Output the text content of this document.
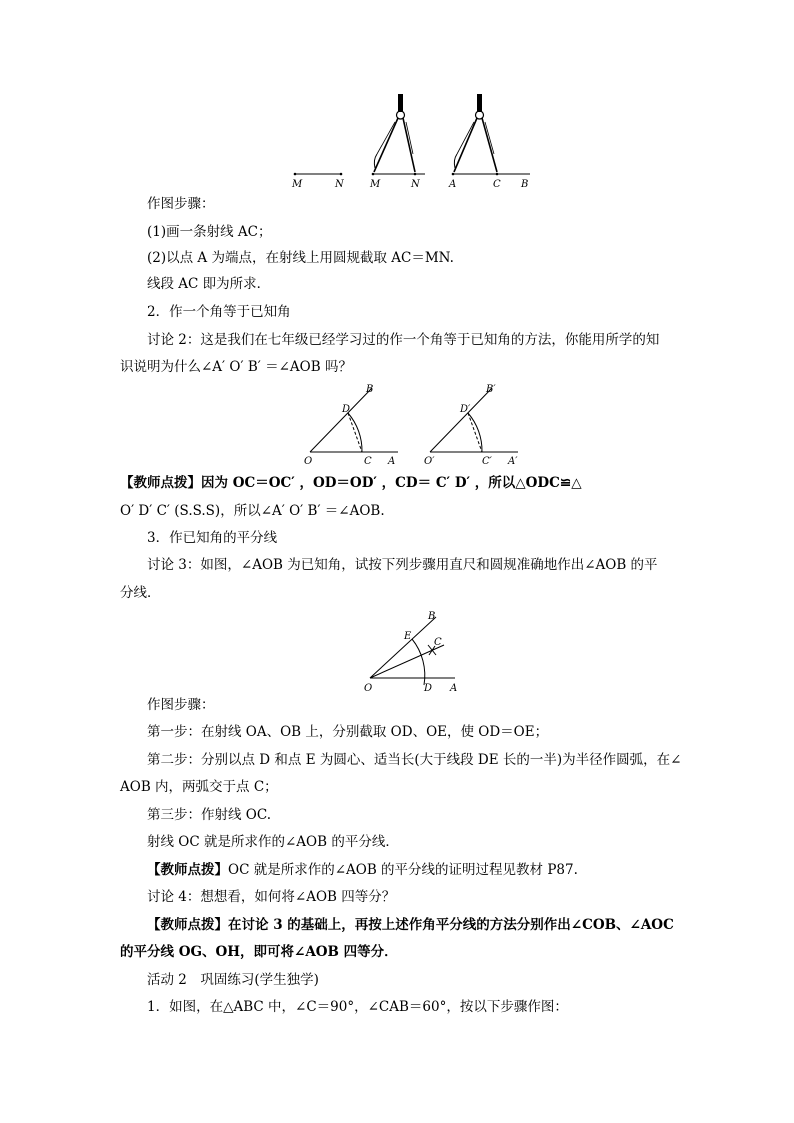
M	N	M	N	A	C B
作图步骤：
(1)画一条射线 AC；
(2)以点 A 为端点，在射线上用圆规截取 AC＝MN.
线段 AC 即为所求．
2．作一个角等于已知角
讨论 2：这是我们在七年级已经学习过的作一个角等于已知角的方法，你能用所学的知
识说明为什么∠A′ O′ B′ ＝∠AOB 吗？
B
D
O	C A
B′
D′
O′	C′ A′
【教师点拨】因为 OC＝OC′ ，OD＝OD′ ，CD＝ C′ D′ ，所以△ODC≌△
O′ D′ C′ (S.S.S)，所以∠A′ O′ B′ ＝∠AOB.
3．作已知角的平分线
讨论 3：如图，∠AOB 为已知角，试按下列步骤用直尺和圆规准确地作出∠AOB 的平
分线．
B
E
C
O	D A
作图步骤：
第一步：在射线 OA、OB 上，分别截取 OD、OE，使 OD＝OE；
第二步：分别以点 D 和点 E 为圆心、适当长(大于线段 DE 长的一半)为半径作圆弧，在∠
AOB 内，两弧交于点 C；
第三步：作射线 OC.
射线 OC 就是所求作的∠AOB 的平分线．
【教师点拨】OC 就是所求作的∠AOB 的平分线的证明过程见教材 P87.
讨论 4：想想看，如何将∠AOB 四等分？
【教师点拨】在讨论 3 的基础上，再按上述作角平分线的方法分别作出∠COB、∠AOC
的平分线 OG、OH，即可将∠AOB 四等分．
活动 2　巩固练习(学生独学)
1．如图，在△ABC 中，∠C＝90°，∠CAB＝60°，按以下步骤作图：
